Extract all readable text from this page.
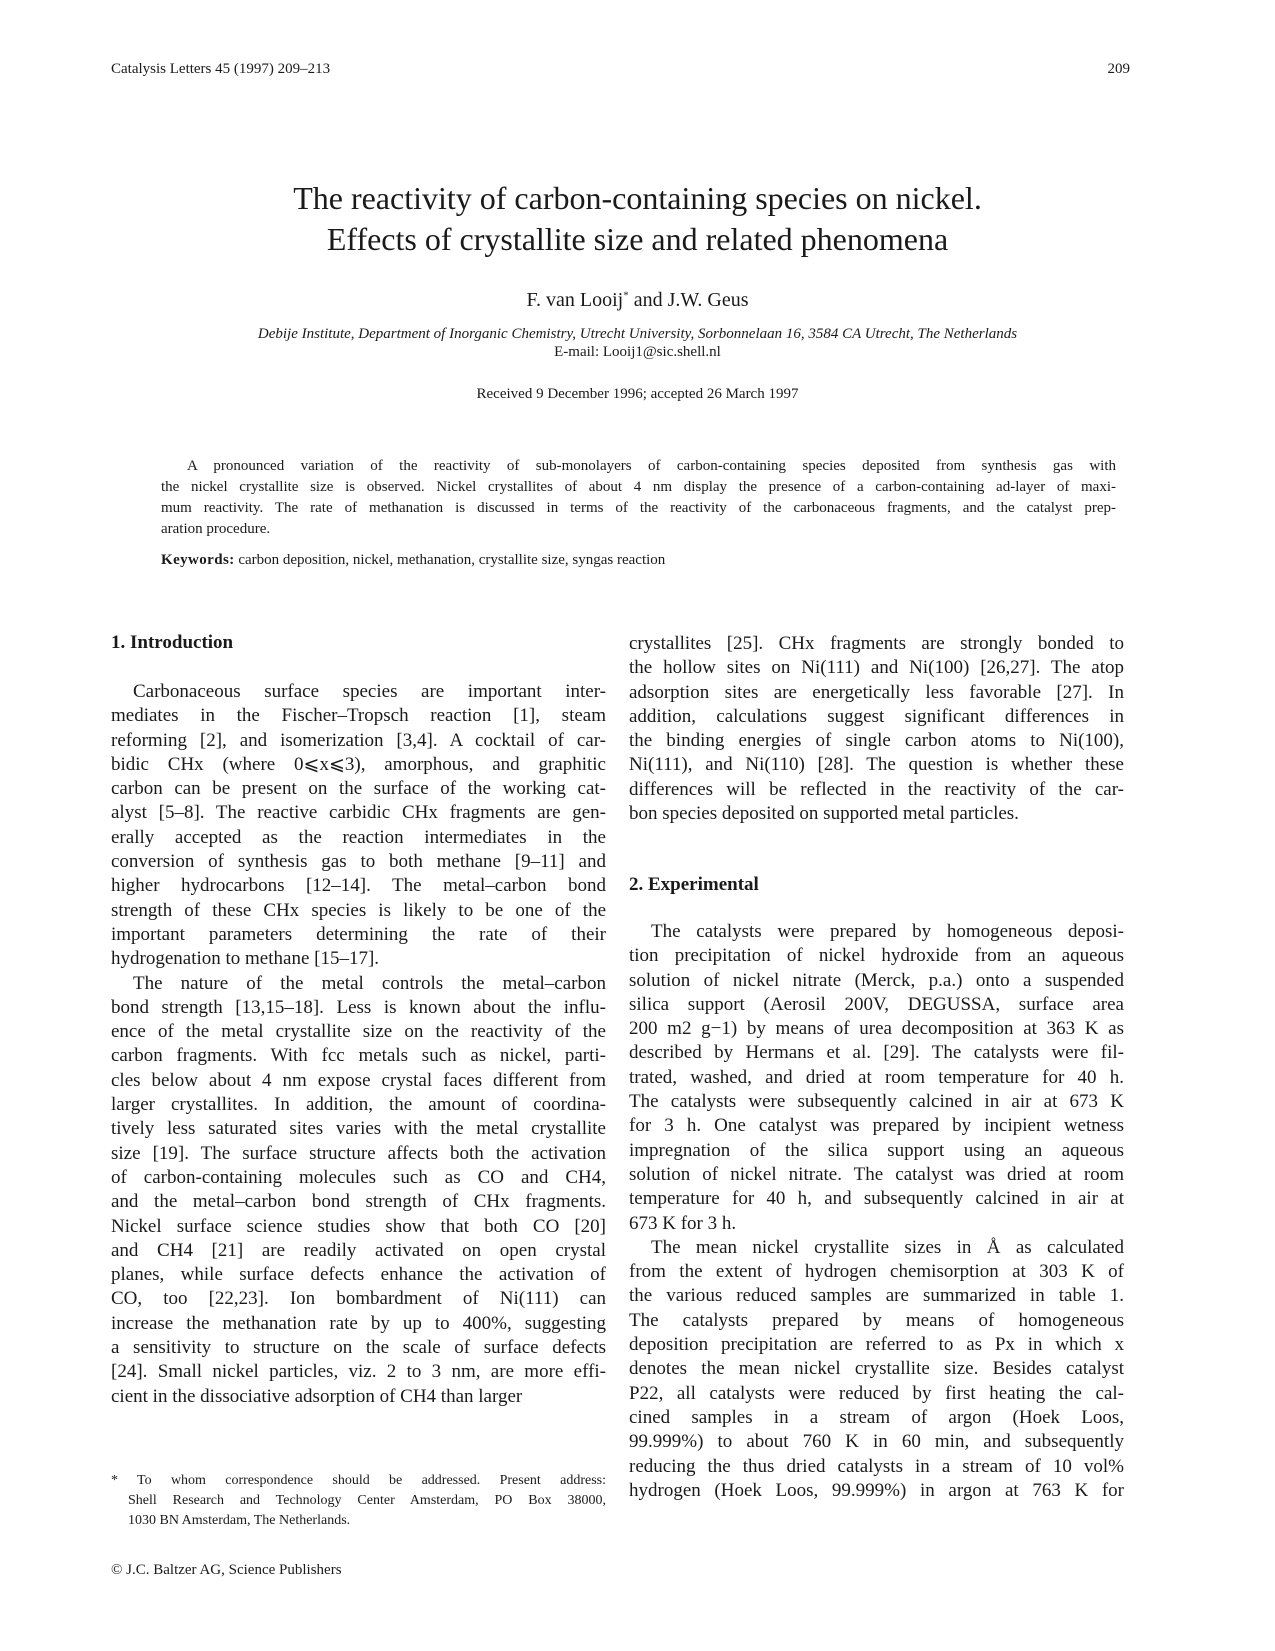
Catalysis Letters 45 (1997) 209–213	209
The reactivity of carbon-containing species on nickel.
Effects of crystallite size and related phenomena
F. van Looij* and J.W. Geus
Debije Institute, Department of Inorganic Chemistry, Utrecht University, Sorbonnelaan 16, 3584 CA Utrecht, The Netherlands
E-mail: Looij1@sic.shell.nl
Received 9 December 1996; accepted 26 March 1997
A pronounced variation of the reactivity of sub-monolayers of carbon-containing species deposited from synthesis gas with
the nickel crystallite size is observed. Nickel crystallites of about 4 nm display the presence of a carbon-containing ad-layer of maxi-
mum reactivity. The rate of methanation is discussed in terms of the reactivity of the carbonaceous fragments, and the catalyst prep-
aration procedure.
Keywords: carbon deposition, nickel, methanation, crystallite size, syngas reaction
1. Introduction
Carbonaceous surface species are important inter-
mediates in the Fischer–Tropsch reaction [1], steam
reforming [2], and isomerization [3,4]. A cocktail of car-
bidic CHx (where 0⩽x⩽3), amorphous, and graphitic
carbon can be present on the surface of the working cat-
alyst [5–8]. The reactive carbidic CHx fragments are gen-
erally accepted as the reaction intermediates in the
conversion of synthesis gas to both methane [9–11] and
higher hydrocarbons [12–14]. The metal–carbon bond
strength of these CHx species is likely to be one of the
important parameters determining the rate of their
hydrogenation to methane [15–17].
The nature of the metal controls the metal–carbon
bond strength [13,15–18]. Less is known about the influ-
ence of the metal crystallite size on the reactivity of the
carbon fragments. With fcc metals such as nickel, parti-
cles below about 4 nm expose crystal faces different from
larger crystallites. In addition, the amount of coordina-
tively less saturated sites varies with the metal crystallite
size [19]. The surface structure affects both the activation
of carbon-containing molecules such as CO and CH4,
and the metal–carbon bond strength of CHx fragments.
Nickel surface science studies show that both CO [20]
and CH4 [21] are readily activated on open crystal
planes, while surface defects enhance the activation of
CO, too [22,23]. Ion bombardment of Ni(111) can
increase the methanation rate by up to 400%, suggesting
a sensitivity to structure on the scale of surface defects
[24]. Small nickel particles, viz. 2 to 3 nm, are more effi-
cient in the dissociative adsorption of CH4 than larger
crystallites [25]. CHx fragments are strongly bonded to
the hollow sites on Ni(111) and Ni(100) [26,27]. The atop
adsorption sites are energetically less favorable [27]. In
addition, calculations suggest significant differences in
the binding energies of single carbon atoms to Ni(100),
Ni(111), and Ni(110) [28]. The question is whether these
differences will be reflected in the reactivity of the car-
bon species deposited on supported metal particles.
2. Experimental
The catalysts were prepared by homogeneous deposi-
tion precipitation of nickel hydroxide from an aqueous
solution of nickel nitrate (Merck, p.a.) onto a suspended
silica support (Aerosil 200V, DEGUSSA, surface area
200 m2 g−1) by means of urea decomposition at 363 K as
described by Hermans et al. [29]. The catalysts were fil-
trated, washed, and dried at room temperature for 40 h.
The catalysts were subsequently calcined in air at 673 K
for 3 h. One catalyst was prepared by incipient wetness
impregnation of the silica support using an aqueous
solution of nickel nitrate. The catalyst was dried at room
temperature for 40 h, and subsequently calcined in air at
673 K for 3 h.
The mean nickel crystallite sizes in Å as calculated
from the extent of hydrogen chemisorption at 303 K of
the various reduced samples are summarized in table 1.
The catalysts prepared by means of homogeneous
deposition precipitation are referred to as Px in which x
denotes the mean nickel crystallite size. Besides catalyst
P22, all catalysts were reduced by first heating the cal-
cined samples in a stream of argon (Hoek Loos,
99.999%) to about 760 K in 60 min, and subsequently
reducing the thus dried catalysts in a stream of 10 vol%
hydrogen (Hoek Loos, 99.999%) in argon at 763 K for
* To whom correspondence should be addressed. Present address:
Shell Research and Technology Center Amsterdam, PO Box 38000,
1030 BN Amsterdam, The Netherlands.
© J.C. Baltzer AG, Science Publishers
